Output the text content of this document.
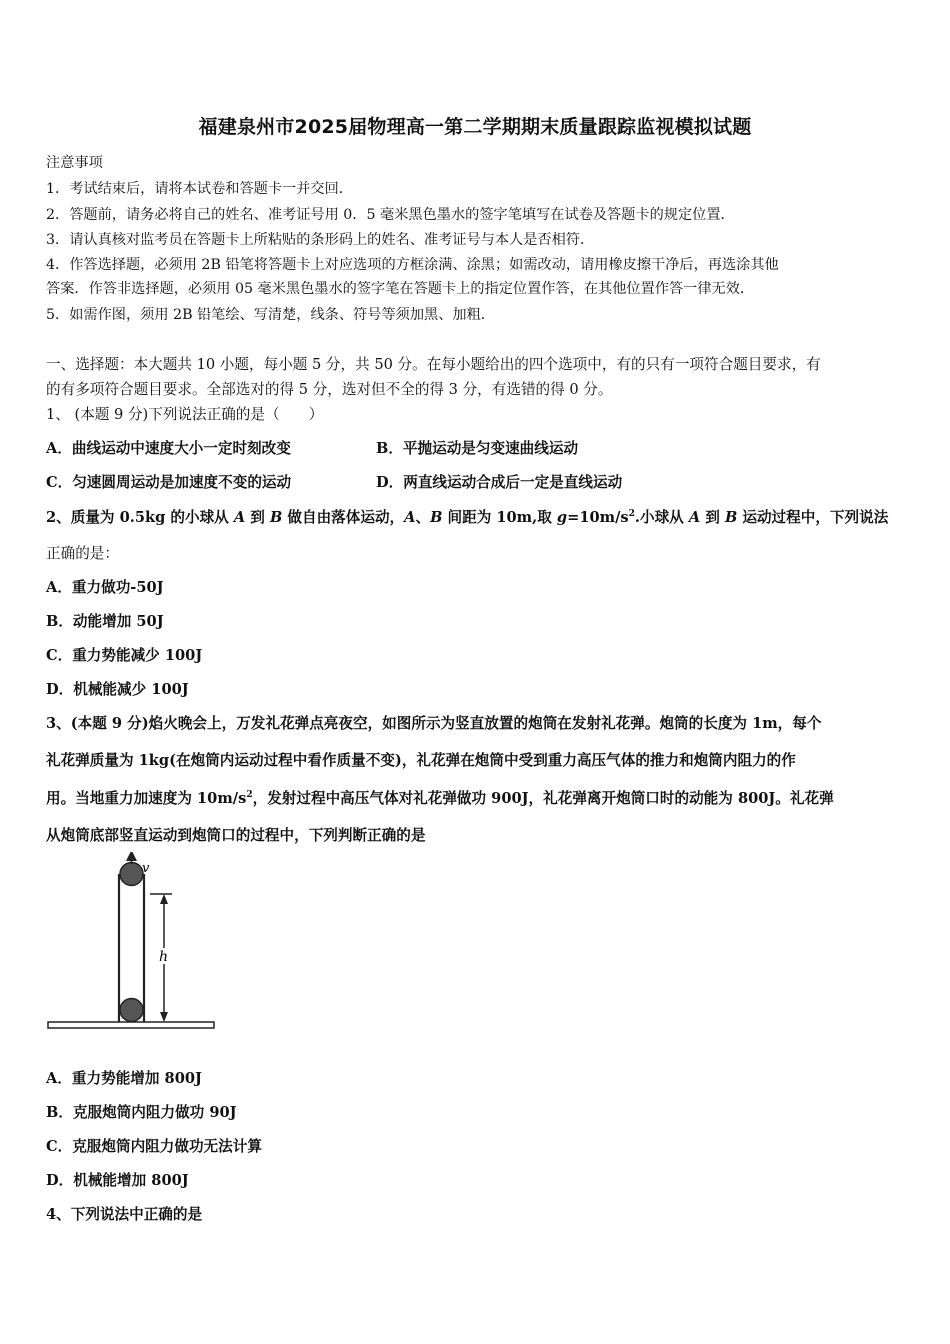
福建泉州市2025届物理高一第二学期期末质量跟踪监视模拟试题
注意事项
1．考试结束后，请将本试卷和答题卡一并交回．
2．答题前，请务必将自己的姓名、准考证号用 0．5 毫米黑色墨水的签字笔填写在试卷及答题卡的规定位置．
3．请认真核对监考员在答题卡上所粘贴的条形码上的姓名、准考证号与本人是否相符．
4．作答选择题，必须用 2B 铅笔将答题卡上对应选项的方框涂满、涂黑；如需改动，请用橡皮擦干净后，再选涂其他
答案．作答非选择题，必须用 05 毫米黑色墨水的签字笔在答题卡上的指定位置作答，在其他位置作答一律无效．
5．如需作图，须用 2B 铅笔绘、写清楚，线条、符号等须加黑、加粗．
一、选择题：本大题共 10 小题，每小题 5 分，共 50 分。在每小题给出的四个选项中，有的只有一项符合题目要求，有
的有多项符合题目要求。全部选对的得 5 分，选对但不全的得 3 分，有选错的得 0 分。
1、 (本题 9 分)下列说法正确的是（　　）
A．曲线运动中速度大小一定时刻改变	B．平抛运动是匀变速曲线运动
C．匀速圆周运动是加速度不变的运动	D．两直线运动合成后一定是直线运动
2、质量为 0.5kg 的小球从 A 到 B 做自由落体运动，A、B 间距为 10m,取 $g=10m/s^2$.小球从 A 到 B 运动过程中，下列说法
正确的是：
A．重力做功-50J
B．动能增加 50J
C．重力势能减少 100J
D．机械能减少 100J
3、(本题 9 分)焰火晚会上，万发礼花弹点亮夜空，如图所示为竖直放置的炮筒在发射礼花弹。炮筒的长度为 1m，每个
礼花弹质量为 1kg(在炮筒内运动过程中看作质量不变)，礼花弹在炮筒中受到重力高压气体的推力和炮筒内阻力的作
用。当地重力加速度为 $10m/s^2$，发射过程中高压气体对礼花弹做功 900J，礼花弹离开炮筒口时的动能为 800J。礼花弹
从炮筒底部竖直运动到炮筒口的过程中，下列判断正确的是
v
h
A．重力势能增加 800J
B．克服炮筒内阻力做功 90J
C．克服炮筒内阻力做功无法计算
D．机械能增加 800J
4、下列说法中正确的是
